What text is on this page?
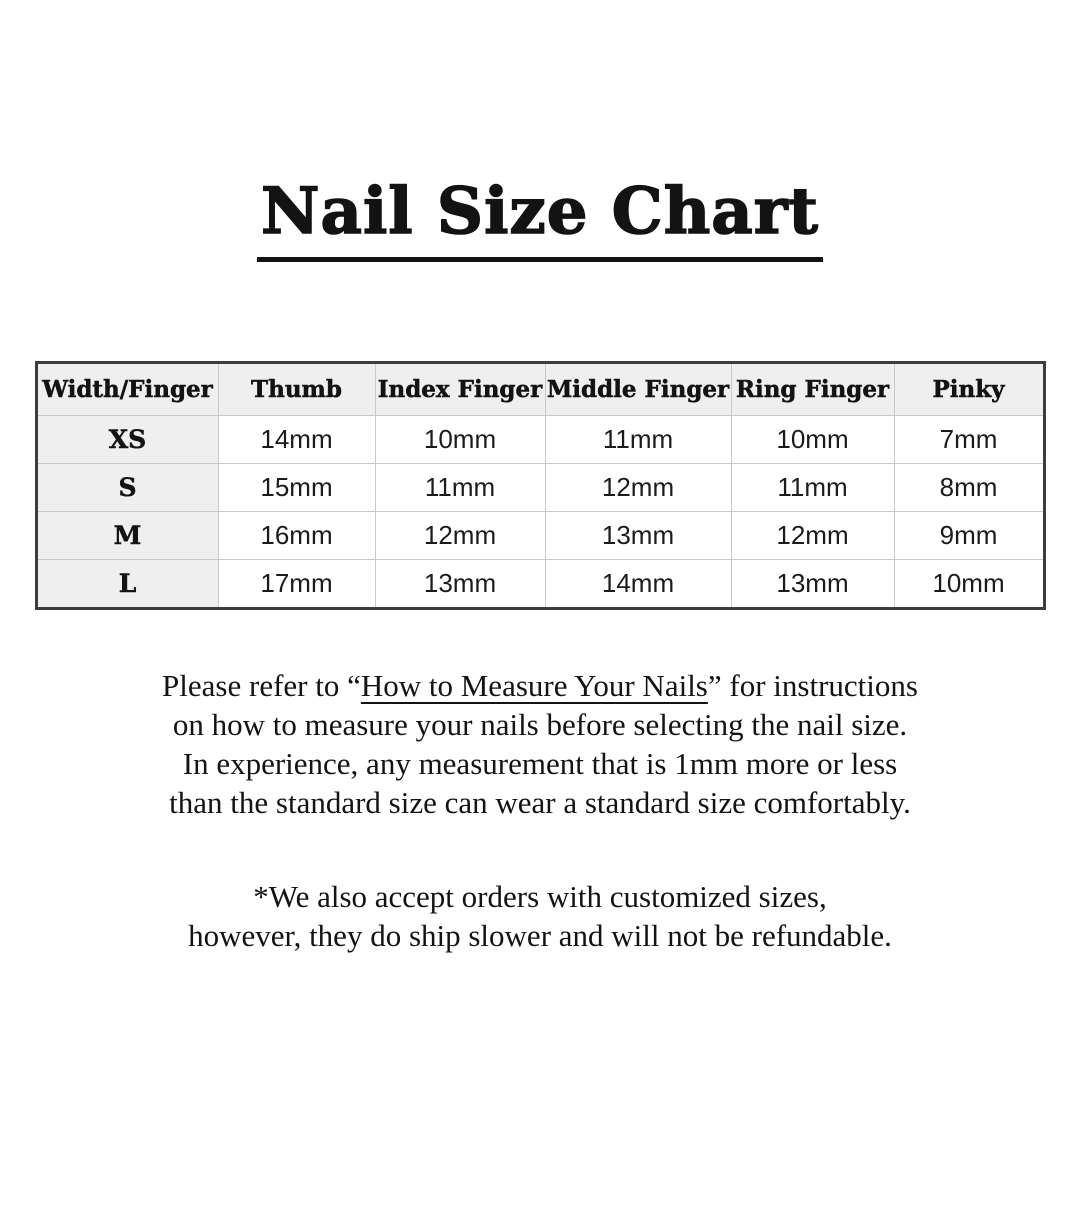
Nail Size Chart
Width/Finger	Thumb	Index Finger	Middle Finger	Ring Finger	Pinky
XS	14mm	10mm	11mm	10mm	7mm
S	15mm	11mm	12mm	11mm	8mm
M	16mm	12mm	13mm	12mm	9mm
L	17mm	13mm	14mm	13mm	10mm

Please refer to “How to Measure Your Nails” for instructions
on how to measure your nails before selecting the nail size.
In experience, any measurement that is 1mm more or less
than the standard size can wear a standard size comfortably.

*We also accept orders with customized sizes,
however, they do ship slower and will not be refundable.
